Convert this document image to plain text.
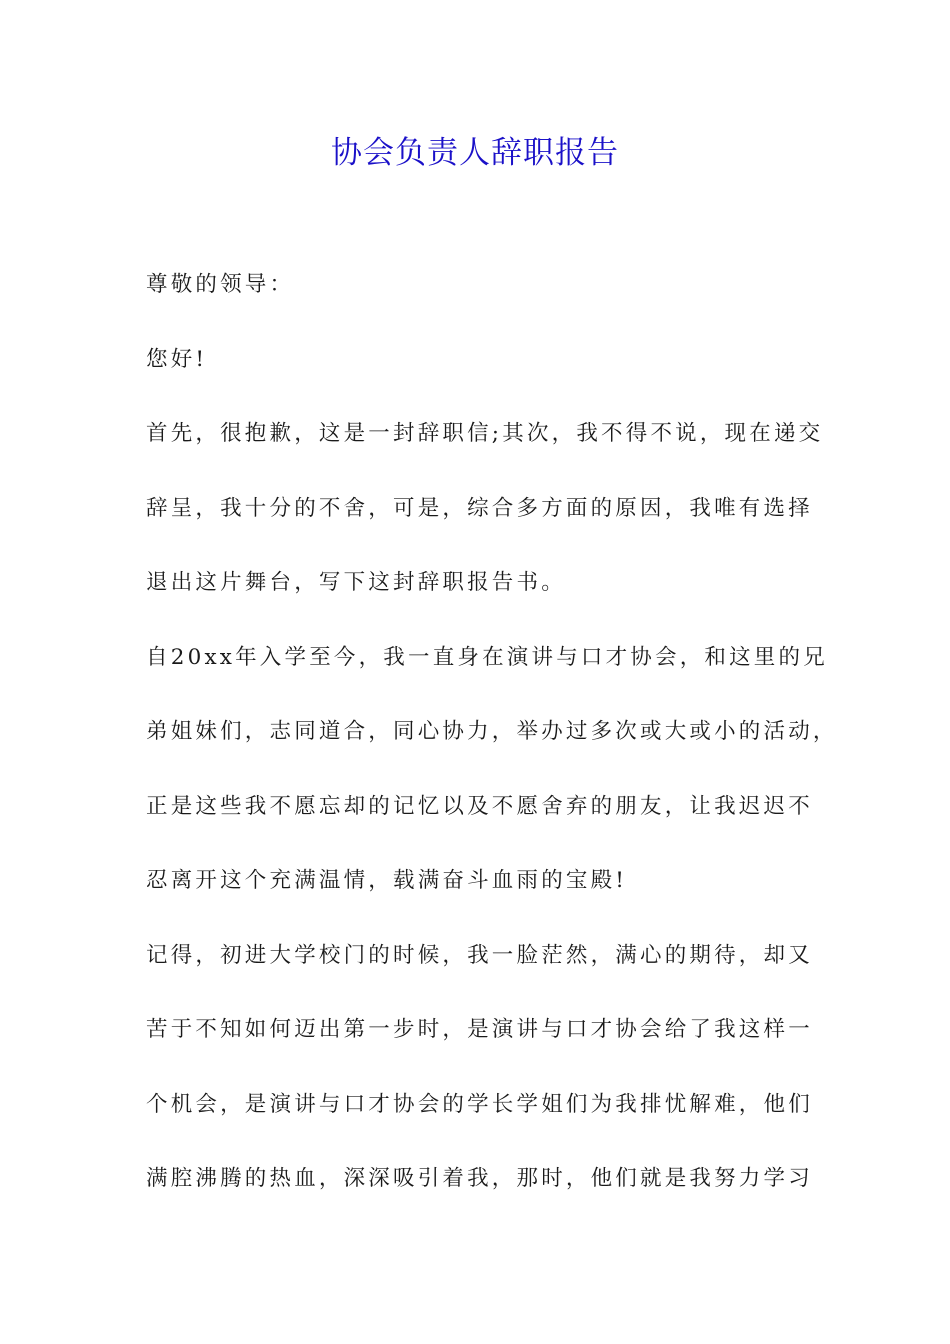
协会负责人辞职报告
尊敬的领导：
您好!
首先，很抱歉，这是一封辞职信;其次，我不得不说，现在递交
辞呈，我十分的不舍，可是，综合多方面的原因，我唯有选择
退出这片舞台，写下这封辞职报告书。
自20xx年入学至今，我一直身在演讲与口才协会，和这里的兄
弟姐妹们，志同道合，同心协力，举办过多次或大或小的活动，
正是这些我不愿忘却的记忆以及不愿舍弃的朋友，让我迟迟不
忍离开这个充满温情，载满奋斗血雨的宝殿!
记得，初进大学校门的时候，我一脸茫然，满心的期待，却又
苦于不知如何迈出第一步时，是演讲与口才协会给了我这样一
个机会，是演讲与口才协会的学长学姐们为我排忧解难，他们
满腔沸腾的热血，深深吸引着我，那时，他们就是我努力学习
